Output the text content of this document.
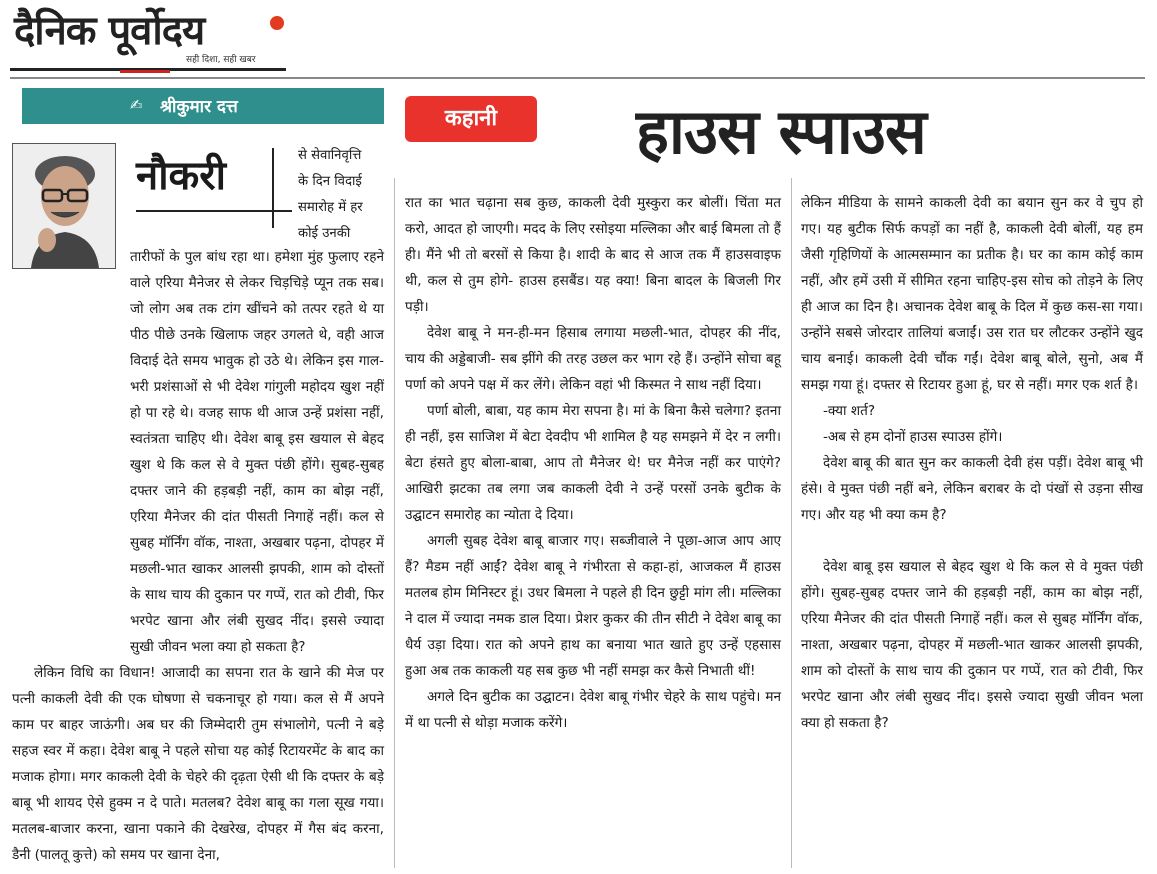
दैनिक पूर्वोदय
सही दिशा, सही खबर
✍	श्रीकुमार दत्त	कहानी	हाउस स्पाउस
नौकरी	से सेवानिवृत्ति

के दिन विदाई

समारोह में हर

कोई उनकी

तारीफों के पुल बांध रहा था। हमेशा मुंह फुलाए रहने वाले एरिया मैनेजर से लेकर चिड़चिड़े प्यून तक सब। जो लोग अब तक टांग खींचने को तत्पर रहते थे या पीठ पीछे उनके खिलाफ जहर उगलते थे, वही आज विदाई देते समय भावुक हो उठे थे। लेकिन इस गाल-भरी प्रशंसाओं से भी देवेश गांगुली महोदय खुश नहीं हो पा रहे थे। वजह साफ थी आज उन्हें प्रशंसा नहीं, स्वतंत्रता चाहिए थी। देवेश बाबू इस खयाल से बेहद खुश थे कि कल से वे मुक्त पंछी होंगे। सुबह-सुबह दफ्तर जाने की हड़बड़ी नहीं, काम का बोझ नहीं, एरिया मैनेजर की दांत पीसती निगाहें नहीं। कल से सुबह मॉर्निंग वॉक, नाश्ता, अखबार पढ़ना, दोपहर में मछली-भात खाकर आलसी झपकी, शाम को दोस्तों के साथ चाय की दुकान पर गप्पें, रात को टीवी, फिर भरपेट खाना और लंबी सुखद नींद। इससे ज्यादा सुखी जीवन भला क्या हो सकता है?

लेकिन विधि का विधान! आजादी का सपना रात के खाने की मेज पर पत्नी काकली देवी की एक घोषणा से चकनाचूर हो गया। कल से मैं अपने काम पर बाहर जाऊंगी। अब घर की जिम्मेदारी तुम संभालोगे, पत्नी ने बड़े सहज स्वर में कहा। देवेश बाबू ने पहले सोचा यह कोई रिटायरमेंट के बाद का मजाक होगा। मगर काकली देवी के चेहरे की दृढ़ता ऐसी थी कि दफ्तर के बड़े बाबू भी शायद ऐसे हुक्म न दे पाते। मतलब? देवेश बाबू का गला सूख गया। मतलब-बाजार करना, खाना पकाने की देखरेख, दोपहर में गैस बंद करना, डैनी (पालतू कुत्ते) को समय पर खाना देना,

रात का भात चढ़ाना सब कुछ, काकली देवी मुस्कुरा कर बोलीं। चिंता मत करो, आदत हो जाएगी। मदद के लिए रसोइया मल्लिका और बाई बिमला तो हैं ही। मैंने भी तो बरसों से किया है। शादी के बाद से आज तक मैं हाउसवाइफ थी, कल से तुम होगे- हाउस हसबैंड। यह क्या! बिना बादल के बिजली गिर पड़ी।

देवेश बाबू ने मन-ही-मन हिसाब लगाया मछली-भात, दोपहर की नींद, चाय की अड्डेबाजी- सब झींगे की तरह उछल कर भाग रहे हैं। उन्होंने सोचा बहू पर्णा को अपने पक्ष में कर लेंगे। लेकिन वहां भी किस्मत ने साथ नहीं दिया।

पर्णा बोली, बाबा, यह काम मेरा सपना है। मां के बिना कैसे चलेगा? इतना ही नहीं, इस साजिश में बेटा देवदीप भी शामिल है यह समझने में देर न लगी। बेटा हंसते हुए बोला-बाबा, आप तो मैनेजर थे! घर मैनेज नहीं कर पाएंगे? आखिरी झटका तब लगा जब काकली देवी ने उन्हें परसों उनके बुटीक के उद्घाटन समारोह का न्योता दे दिया।

अगली सुबह देवेश बाबू बाजार गए। सब्जीवाले ने पूछा-आज आप आए हैं? मैडम नहीं आईं? देवेश बाबू ने गंभीरता से कहा-हां, आजकल मैं हाउस मतलब होम मिनिस्टर हूं। उधर बिमला ने पहले ही दिन छुट्टी मांग ली। मल्लिका ने दाल में ज्यादा नमक डाल दिया। प्रेशर कुकर की तीन सीटी ने देवेश बाबू का धैर्य उड़ा दिया। रात को अपने हाथ का बनाया भात खाते हुए उन्हें एहसास हुआ अब तक काकली यह सब कुछ भी नहीं समझ कर कैसे निभाती थीं!

अगले दिन बुटीक का उद्घाटन। देवेश बाबू गंभीर चेहरे के साथ पहुंचे। मन में था पत्नी से थोड़ा मजाक करेंगे।

लेकिन मीडिया के सामने काकली देवी का बयान सुन कर वे चुप हो गए। यह बुटीक सिर्फ कपड़ों का नहीं है, काकली देवी बोलीं, यह हम जैसी गृहिणियों के आत्मसम्मान का प्रतीक है। घर का काम कोई काम नहीं, और हमें उसी में सीमित रहना चाहिए-इस सोच को तोड़ने के लिए ही आज का दिन है। अचानक देवेश बाबू के दिल में कुछ कस-सा गया। उन्होंने सबसे जोरदार तालियां बजाईं। उस रात घर लौटकर उन्होंने खुद चाय बनाई। काकली देवी चौंक गईं। देवेश बाबू बोले, सुनो, अब मैं समझ गया हूं। दफ्तर से रिटायर हुआ हूं, घर से नहीं। मगर एक शर्त है।

-क्या शर्त?

-अब से हम दोनों हाउस स्पाउस होंगे।

देवेश बाबू की बात सुन कर काकली देवी हंस पड़ीं। देवेश बाबू भी हंसे। वे मुक्त पंछी नहीं बने, लेकिन बराबर के दो पंखों से उड़ना सीख गए। और यह भी क्या कम है?

देवेश बाबू इस खयाल से बेहद खुश थे कि कल से वे मुक्त पंछी होंगे। सुबह-सुबह दफ्तर जाने की हड़बड़ी नहीं, काम का बोझ नहीं, एरिया मैनेजर की दांत पीसती निगाहें नहीं। कल से सुबह मॉर्निंग वॉक, नाश्ता, अखबार पढ़ना, दोपहर में मछली-भात खाकर आलसी झपकी, शाम को दोस्तों के साथ चाय की दुकान पर गप्पें, रात को टीवी, फिर भरपेट खाना और लंबी सुखद नींद। इससे ज्यादा सुखी जीवन भला क्या हो सकता है?
